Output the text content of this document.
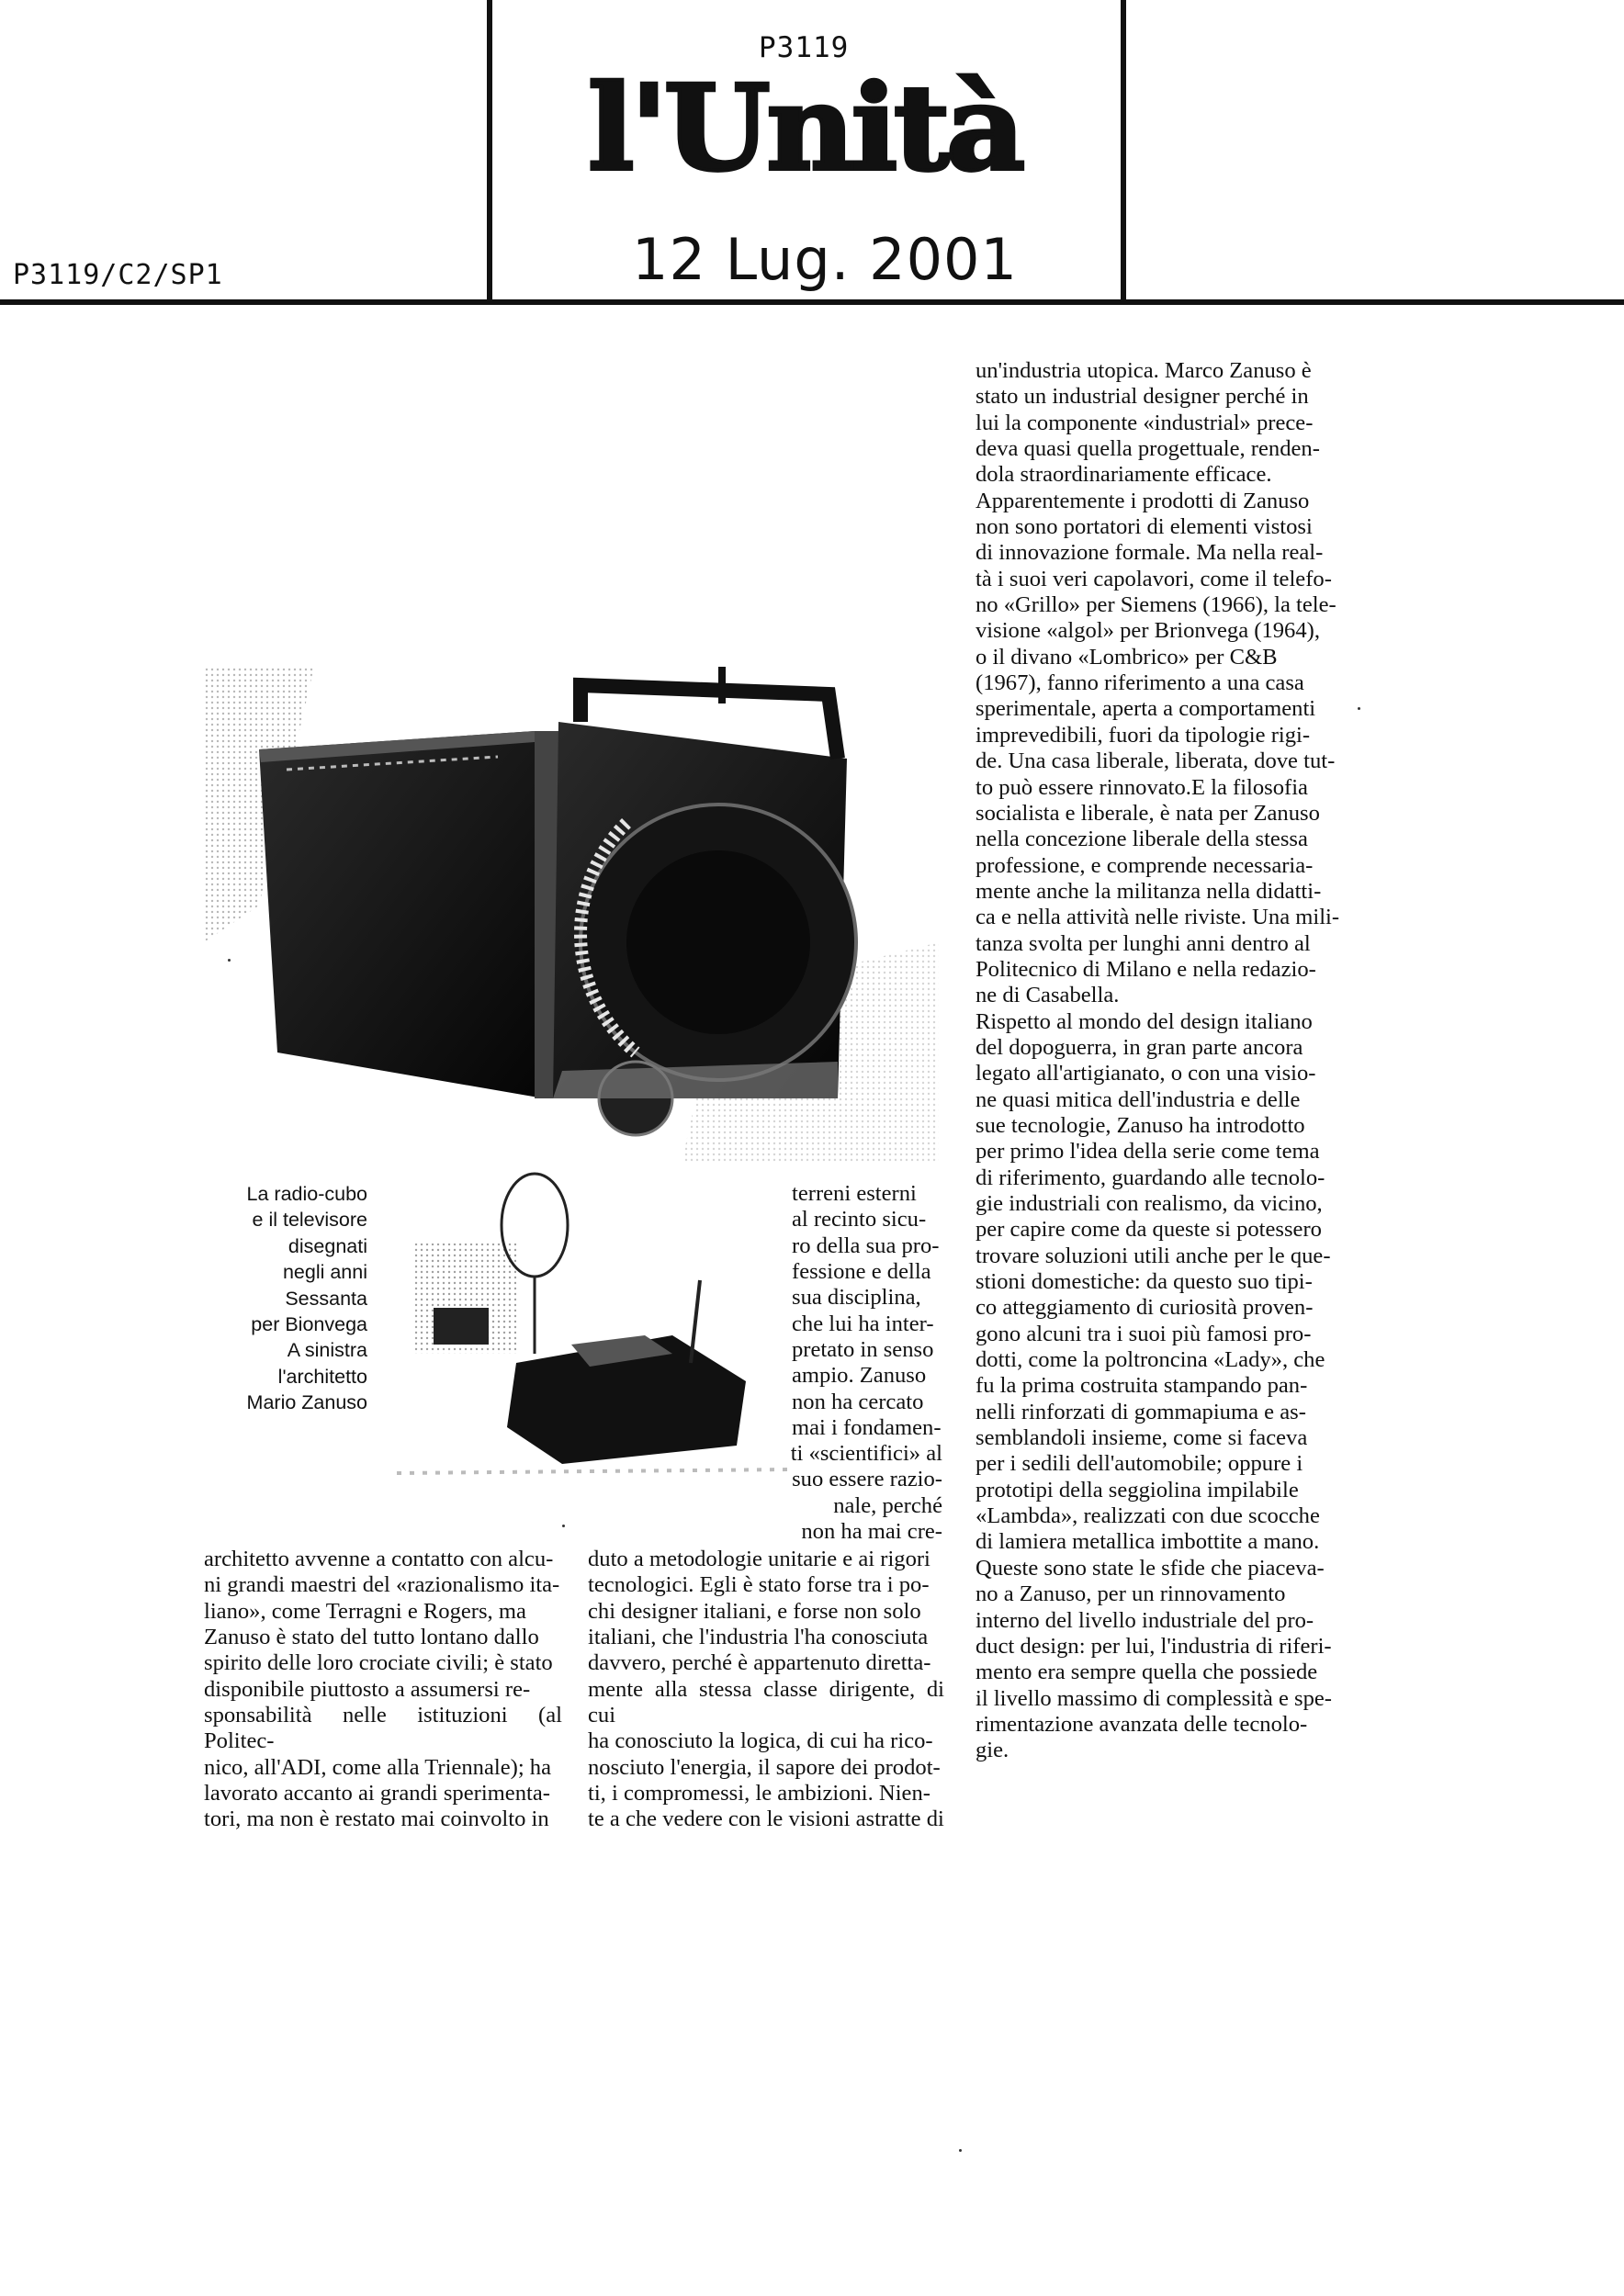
P3119/C2/SP1
P3119
l'Unità
12 Lug. 2001
La radio-cubo
e il televisore
disegnati
negli anni
Sessanta
per Bionvega
A sinistra
l'architetto
Mario Zanuso
terreni esterni
al recinto sicu-
ro della sua pro-
fessione e della
sua disciplina,
che lui ha inter-
pretato in senso
ampio. Zanuso
non ha cercato
mai i fondamen-
ti «scientifici» al
suo essere razio-
nale, perché
non ha mai cre-
architetto avvenne a contatto con alcu-
ni grandi maestri del «razionalismo ita-
liano», come Terragni e Rogers, ma
Zanuso è stato del tutto lontano dallo
spirito delle loro crociate civili; è stato
disponibile piuttosto a assumersi re-
sponsabilità nelle istituzioni (al Politec-
nico, all'ADI, come alla Triennale); ha
lavorato accanto ai grandi sperimenta-
tori, ma non è restato mai coinvolto in
duto a metodologie unitarie e ai rigori
tecnologici. Egli è stato forse tra i po-
chi designer italiani, e forse non solo
italiani, che l'industria l'ha conosciuta
davvero, perché è appartenuto diretta-
mente alla stessa classe dirigente, di cui
ha conosciuto la logica, di cui ha rico-
nosciuto l'energia, il sapore dei prodot-
ti, i compromessi, le ambizioni. Nien-
te a che vedere con le visioni astratte di
un'industria utopica. Marco Zanuso è
stato un industrial designer perché in
lui la componente «industrial» prece-
deva quasi quella progettuale, renden-
dola straordinariamente efficace.
Apparentemente i prodotti di Zanuso
non sono portatori di elementi vistosi
di innovazione formale. Ma nella real-
tà i suoi veri capolavori, come il telefo-
no «Grillo» per Siemens (1966), la tele-
visione «algol» per Brionvega (1964),
o il divano «Lombrico» per C&B
(1967), fanno riferimento a una casa
sperimentale, aperta a comportamenti
imprevedibili, fuori da tipologie rigi-
de. Una casa liberale, liberata, dove tut-
to può essere rinnovato.E la filosofia
socialista e liberale, è nata per Zanuso
nella concezione liberale della stessa
professione, e comprende necessaria-
mente anche la militanza nella didatti-
ca e nella attività nelle riviste. Una mili-
tanza svolta per lunghi anni dentro al
Politecnico di Milano e nella redazio-
ne di Casabella.
Rispetto al mondo del design italiano
del dopoguerra, in gran parte ancora
legato all'artigianato, o con una visio-
ne quasi mitica dell'industria e delle
sue tecnologie, Zanuso ha introdotto
per primo l'idea della serie come tema
di riferimento, guardando alle tecnolo-
gie industriali con realismo, da vicino,
per capire come da queste si potessero
trovare soluzioni utili anche per le que-
stioni domestiche: da questo suo tipi-
co atteggiamento di curiosità proven-
gono alcuni tra i suoi più famosi pro-
dotti, come la poltroncina «Lady», che
fu la prima costruita stampando pan-
nelli rinforzati di gommapiuma e as-
semblandoli insieme, come si faceva
per i sedili dell'automobile; oppure i
prototipi della seggiolina impilabile
«Lambda», realizzati con due scocche
di lamiera metallica imbottite a mano.
Queste sono state le sfide che piaceva-
no a Zanuso, per un rinnovamento
interno del livello industriale del pro-
duct design: per lui, l'industria di riferi-
mento era sempre quella che possiede
il livello massimo di complessità e spe-
rimentazione avanzata delle tecnolo-
gie.
